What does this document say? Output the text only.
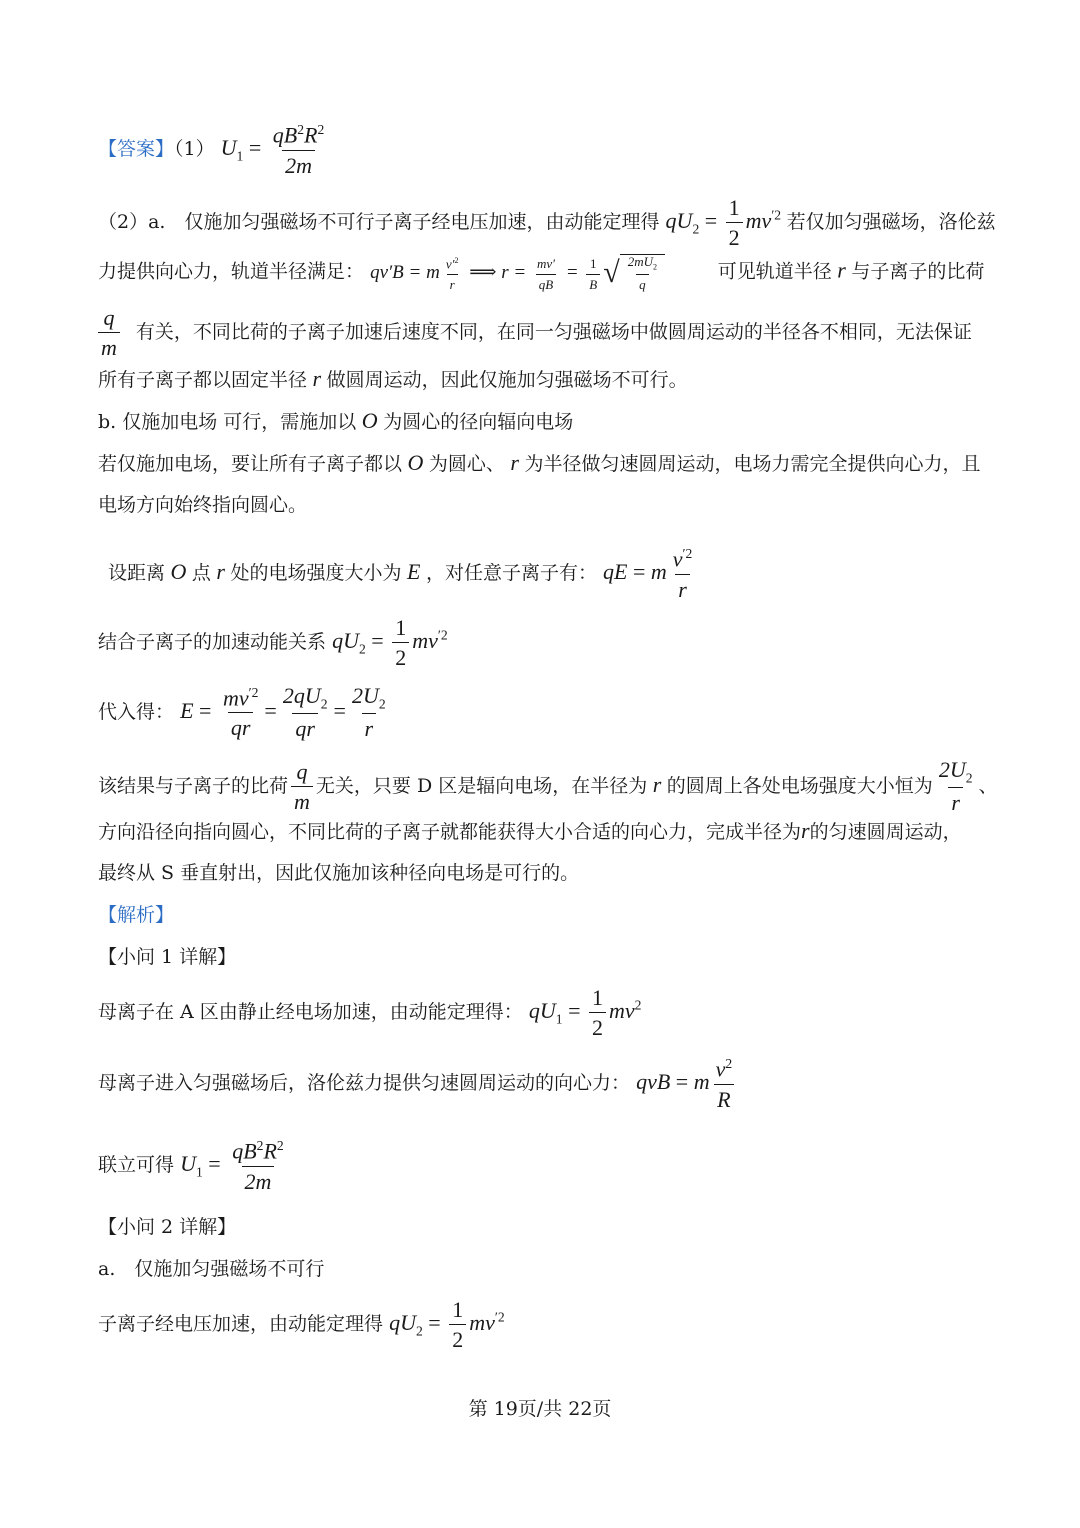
【答案】（1） $U_1 = \frac{qB^2R^2}{2m}$
（2）a.　 仅施加匀强磁场不可行子离子经电压加速，由动能定理得 $qU_2 = \frac{1}{2} mv^{'2}$ 若仅加匀强磁场，洛伦兹
力提供向心力，轨道半径满足： qv′B = m $\frac{v'^2}{r}$ ⟹ $r = \frac{mv'}{qB} = \frac{1}{B}$ √ $\frac{2mU_2}{q}$	可见轨道半径 r 与子离子的比荷
$\frac{q}{m}$ 有关，不同比荷的子离子加速后速度不同，在同一匀强磁场中做圆周运动的半径各不相同，无法保证
所有子离子都以固定半径 r 做圆周运动，因此仅施加匀强磁场不可行。
b. 仅施加电场 可行，需施加以 O 为圆心的径向辐向电场
若仅施加电场，要让所有子离子都以 O 为圆心、 r 为半径做匀速圆周运动，电场力需完全提供向心力，且
电场方向始终指向圆心。
设距离 O 点 r 处的电场强度大小为 E ，对任意子离子有： qE = m $\frac{v^{'2}}{r}$
结合子离子的加速动能关系 $qU_2 = \frac{1}{2} mv^{'2}$
代入得： $E = \frac{mv^{'2}}{qr} = \frac{2qU_2}{qr} = \frac{2U_2}{r}$
该结果与子离子的比荷 $\frac{q}{m}$ 无关，只要 D 区是辐向电场，在半径为 r 的圆周上各处电场强度大小恒为 $\frac{2U_2}{r}$ 、
方向沿径向指向圆心，不同比荷的子离子就都能获得大小合适的向心力，完成半径为r的匀速圆周运动，
最终从 S 垂直射出，因此仅施加该种径向电场是可行的。
【解析】
【小问 1 详解】
母离子在 A 区由静止经电场加速，由动能定理得： $qU_1 = \frac{1}{2} mv^2$
母离子进入匀强磁场后，洛伦兹力提供匀速圆周运动的向心力： qvB = m $\frac{v^2}{R}$
联立可得 $U_1 = \frac{qB^2R^2}{2m}$
【小问 2 详解】
a.　仅施加匀强磁场不可行
子离子经电压加速，由动能定理得 $qU_2 = \frac{1}{2} mv^{'2}$
第 19页/共 22页
